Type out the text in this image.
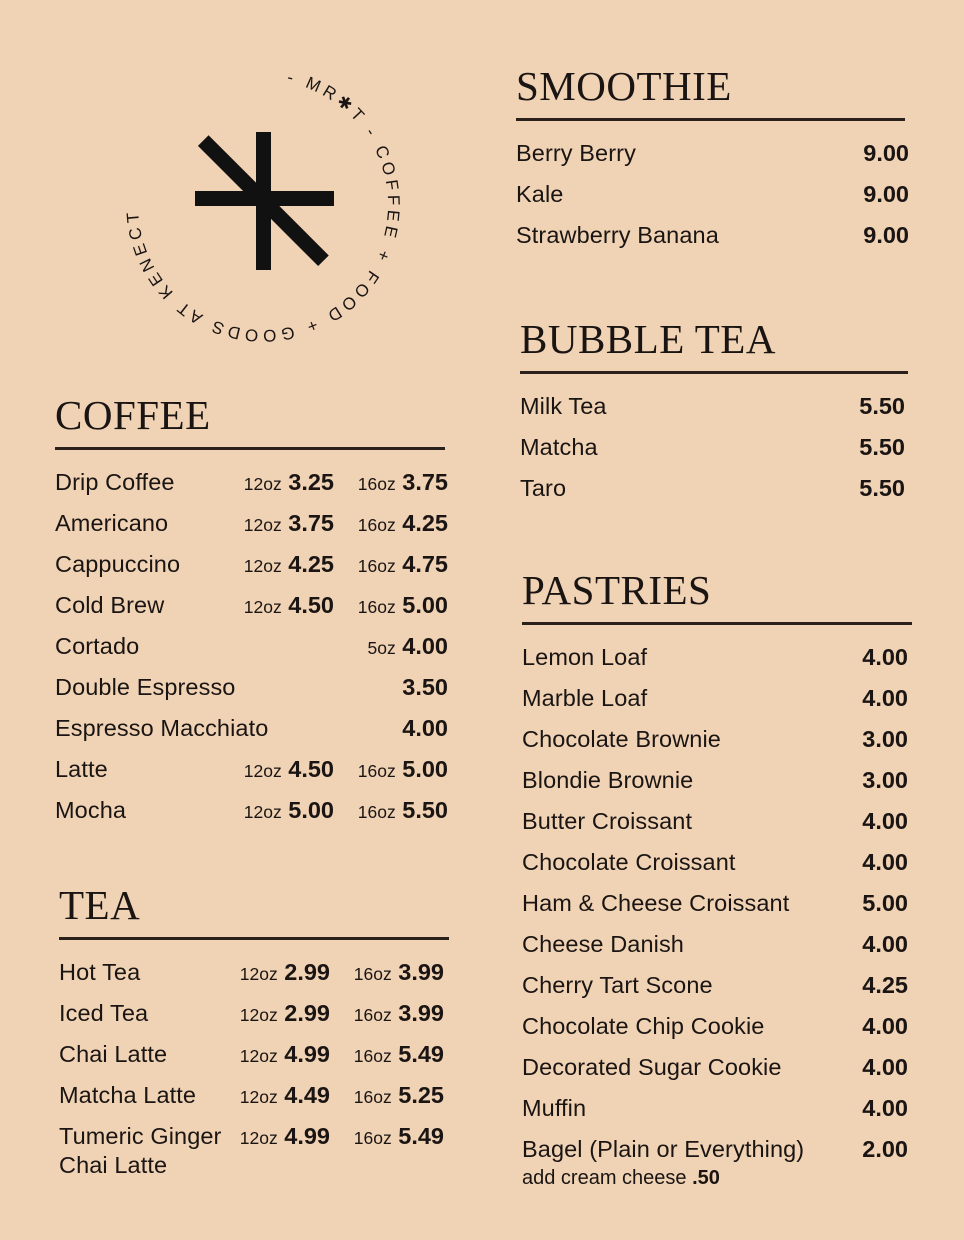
- MR✱T - COFFEE + FOOD + GOODS AT KENECT
COFFEE
Drip Coffee	12oz 3.25 16oz 3.75
Americano	12oz 3.75 16oz 4.25
Cappuccino	12oz 4.25 16oz 4.75
Cold Brew	12oz 4.50 16oz 5.00
Cortado	5oz 4.00
Double Espresso	3.50
Espresso Macchiato	4.00
Latte	12oz 4.50 16oz 5.00
Mocha	12oz 5.00 16oz 5.50
TEA
Hot Tea	12oz 2.99 16oz 3.99
Iced Tea	12oz 2.99 16oz 3.99
Chai Latte	12oz 4.99 16oz 5.49
Matcha Latte 12oz 4.49 16oz 5.25
Tumeric Ginger
Chai Latte
12oz 4.99 16oz 5.49
SMOOTHIE
Berry Berry	9.00
Kale	9.00
Strawberry Banana	9.00
BUBBLE TEA
Milk Tea	5.50
Matcha	5.50
Taro	5.50
PASTRIES
Lemon Loaf	4.00
Marble Loaf	4.00
Chocolate Brownie	3.00
Blondie Brownie	3.00
Butter Croissant	4.00
Chocolate Croissant	4.00
Ham & Cheese Croissant	5.00
Cheese Danish	4.00
Cherry Tart Scone	4.25
Chocolate Chip Cookie	4.00
Decorated Sugar Cookie	4.00
Muffin	4.00
Bagel (Plain or Everything) 2.00
add cream cheese .50
